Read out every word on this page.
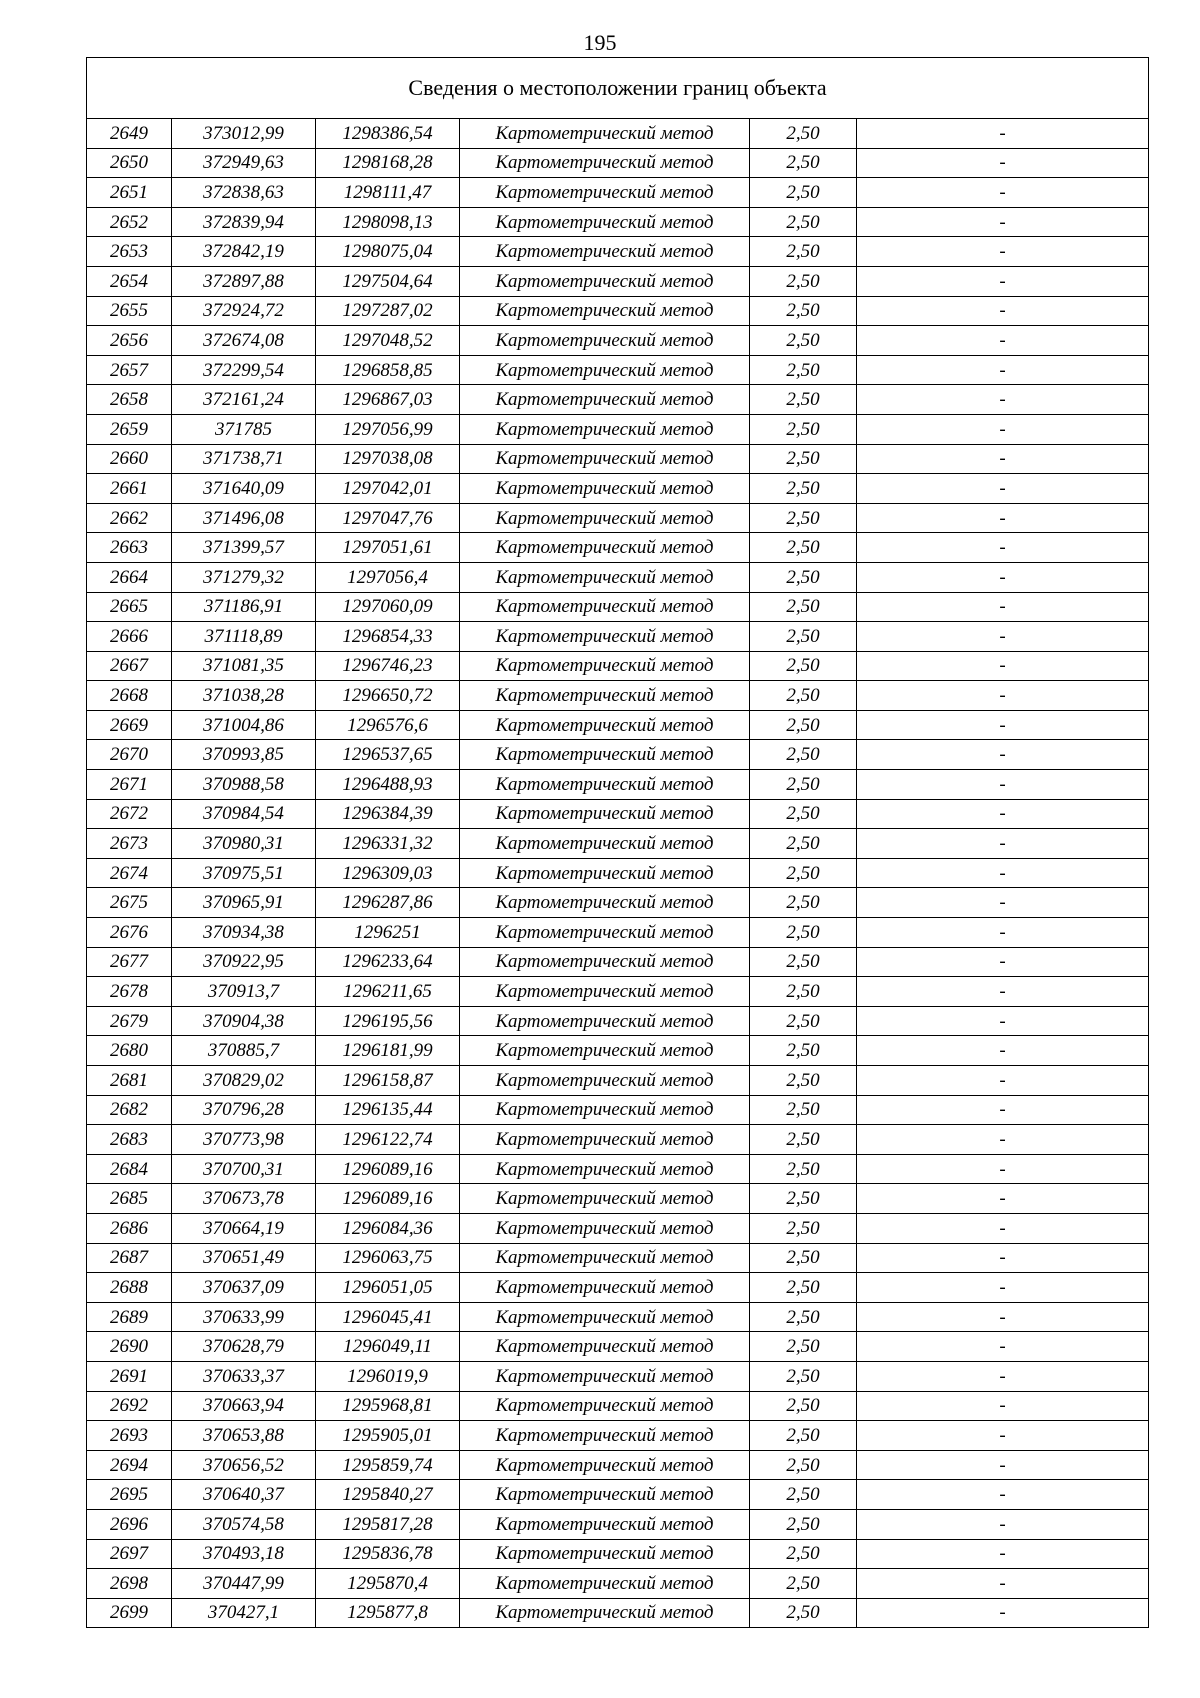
195
Сведения о местоположении границ объекта					
2649	373012,99	1298386,54	Картометрический метод	2,50	-
2650	372949,63	1298168,28	Картометрический метод	2,50	-
2651	372838,63	1298111,47	Картометрический метод	2,50	-
2652	372839,94	1298098,13	Картометрический метод	2,50	-
2653	372842,19	1298075,04	Картометрический метод	2,50	-
2654	372897,88	1297504,64	Картометрический метод	2,50	-
2655	372924,72	1297287,02	Картометрический метод	2,50	-
2656	372674,08	1297048,52	Картометрический метод	2,50	-
2657	372299,54	1296858,85	Картометрический метод	2,50	-
2658	372161,24	1296867,03	Картометрический метод	2,50	-
2659	371785	1297056,99	Картометрический метод	2,50	-
2660	371738,71	1297038,08	Картометрический метод	2,50	-
2661	371640,09	1297042,01	Картометрический метод	2,50	-
2662	371496,08	1297047,76	Картометрический метод	2,50	-
2663	371399,57	1297051,61	Картометрический метод	2,50	-
2664	371279,32	1297056,4	Картометрический метод	2,50	-
2665	371186,91	1297060,09	Картометрический метод	2,50	-
2666	371118,89	1296854,33	Картометрический метод	2,50	-
2667	371081,35	1296746,23	Картометрический метод	2,50	-
2668	371038,28	1296650,72	Картометрический метод	2,50	-
2669	371004,86	1296576,6	Картометрический метод	2,50	-
2670	370993,85	1296537,65	Картометрический метод	2,50	-
2671	370988,58	1296488,93	Картометрический метод	2,50	-
2672	370984,54	1296384,39	Картометрический метод	2,50	-
2673	370980,31	1296331,32	Картометрический метод	2,50	-
2674	370975,51	1296309,03	Картометрический метод	2,50	-
2675	370965,91	1296287,86	Картометрический метод	2,50	-
2676	370934,38	1296251	Картометрический метод	2,50	-
2677	370922,95	1296233,64	Картометрический метод	2,50	-
2678	370913,7	1296211,65	Картометрический метод	2,50	-
2679	370904,38	1296195,56	Картометрический метод	2,50	-
2680	370885,7	1296181,99	Картометрический метод	2,50	-
2681	370829,02	1296158,87	Картометрический метод	2,50	-
2682	370796,28	1296135,44	Картометрический метод	2,50	-
2683	370773,98	1296122,74	Картометрический метод	2,50	-
2684	370700,31	1296089,16	Картометрический метод	2,50	-
2685	370673,78	1296089,16	Картометрический метод	2,50	-
2686	370664,19	1296084,36	Картометрический метод	2,50	-
2687	370651,49	1296063,75	Картометрический метод	2,50	-
2688	370637,09	1296051,05	Картометрический метод	2,50	-
2689	370633,99	1296045,41	Картометрический метод	2,50	-
2690	370628,79	1296049,11	Картометрический метод	2,50	-
2691	370633,37	1296019,9	Картометрический метод	2,50	-
2692	370663,94	1295968,81	Картометрический метод	2,50	-
2693	370653,88	1295905,01	Картометрический метод	2,50	-
2694	370656,52	1295859,74	Картометрический метод	2,50	-
2695	370640,37	1295840,27	Картометрический метод	2,50	-
2696	370574,58	1295817,28	Картометрический метод	2,50	-
2697	370493,18	1295836,78	Картометрический метод	2,50	-
2698	370447,99	1295870,4	Картометрический метод	2,50	-
2699	370427,1	1295877,8	Картометрический метод	2,50	-
